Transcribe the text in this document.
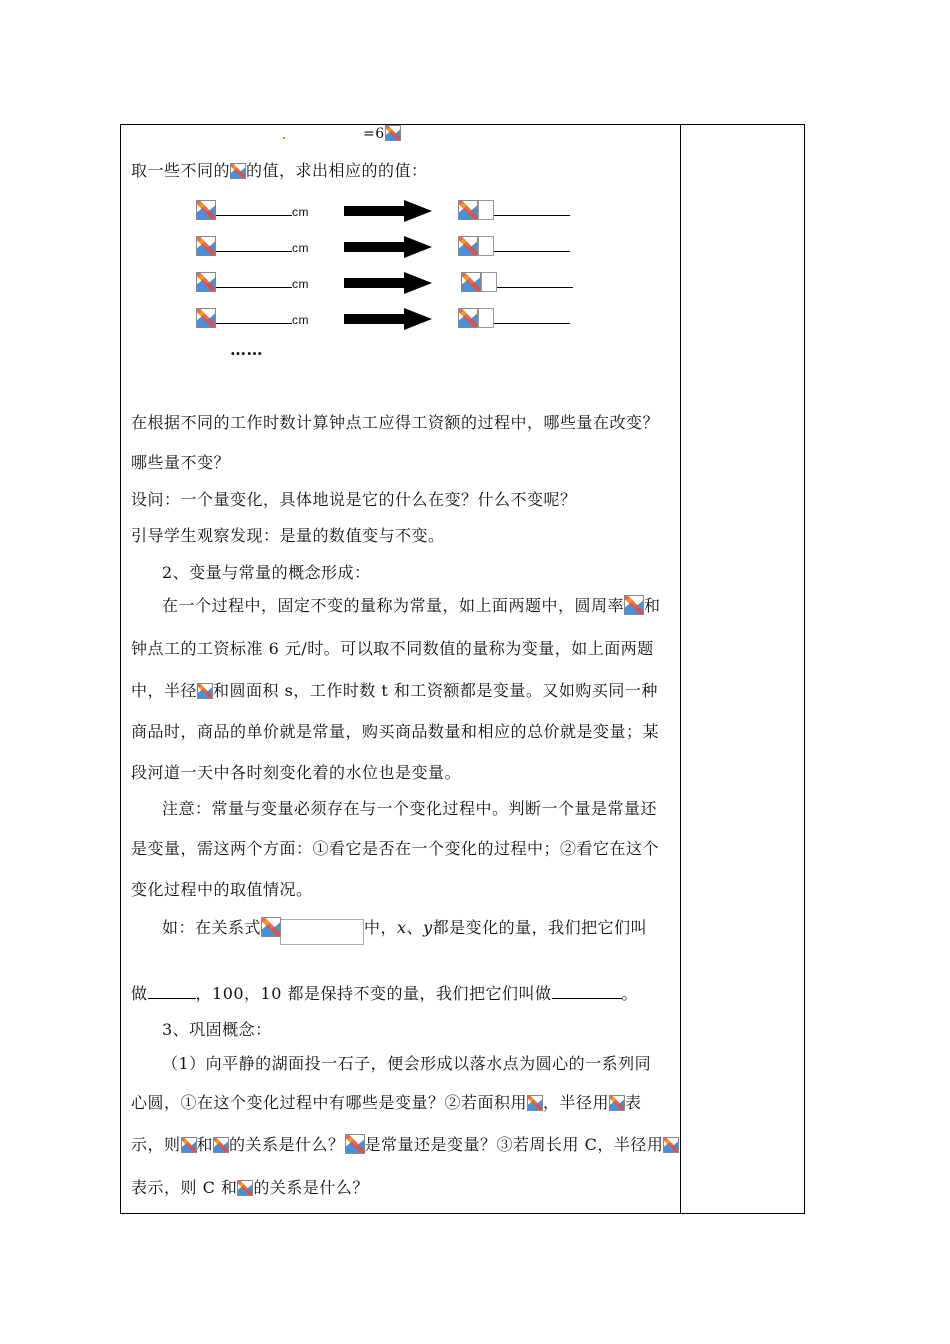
=6
取一些不同的 的值，求出相应的的值：
cm
cm
cm
cm
……
在根据不同的工作时数计算钟点工应得工资额的过程中，哪些量在改变？
哪些量不变？
设问：一个量变化，具体地说是它的什么在变？什么不变呢？
引导学生观察发现：是量的数值变与不变。
2、变量与常量的概念形成：
在一个过程中，固定不变的量称为常量，如上面两题中，圆周率 和
钟点工的工资标准 6 元/时。可以取不同数值的量称为变量，如上面两题
中，半径 和圆面积 s，工作时数 t 和工资额都是变量。又如购买同一种
商品时，商品的单价就是常量，购买商品数量和相应的总价就是变量；某
段河道一天中各时刻变化着的水位也是变量。
注意：常量与变量必须存在与一个变化过程中。判断一个量是常量还
是变量，需这两个方面：①看它是否在一个变化的过程中；②看它在这个
变化过程中的取值情况。
如：在关系式	中，x、y都是变化的量，我们把它们叫
做	，100，10 都是保持不变的量，我们把它们叫做	。
3、巩固概念：
（1）向平静的湖面投一石子，便会形成以落水点为圆心的一系列同
心圆，①在这个变化过程中有哪些是变量？②若面积用 ，半径用 表
示，则 和 的关系是什么？ 是常量还是变量？③若周长用 C，半径用
表示，则 C 和 的关系是什么？
